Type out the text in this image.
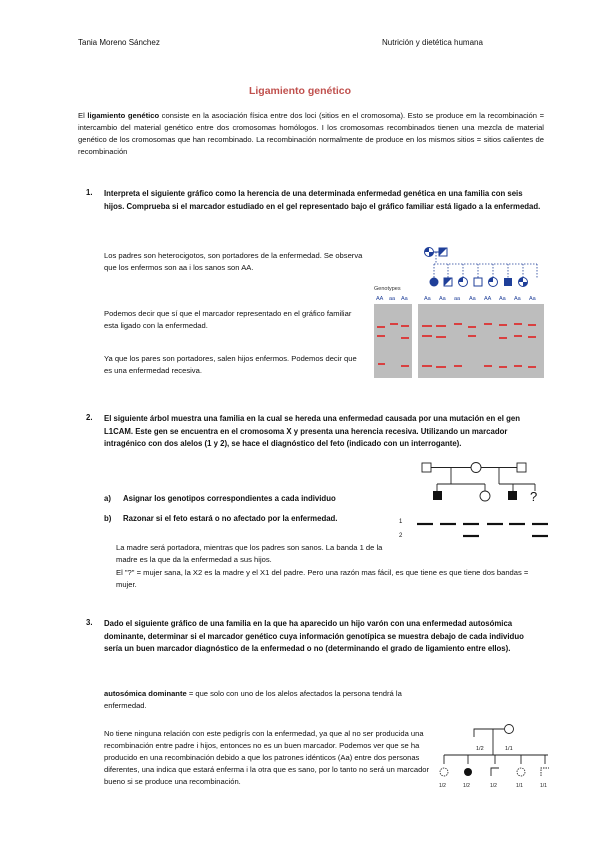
Tania Moreno Sánchez	Nutrición y dietética humana
Ligamiento genético
El ligamiento genético consiste en la asociación física entre dos loci (sitios en el cromosoma). Esto se produce em la recombinación = intercambio del material genético entre dos cromosomas homólogos. I los cromosomas recombinados tienen una mezcla de material genético de los cromosomas que han recombinado. La recombinación normalmente de produce en los mismos sitios = sitios calientes de recombinación
1. Interpreta el siguiente gráfico como la herencia de una determinada enfermedad genética en una familia con seis hijos. Comprueba si el marcador estudiado en el gel representado bajo el gráfico familiar está ligado a la enfermedad.
Los padres son heterocigotos, son portadores de la enfermedad. Se observa que los enfermos son aa i los sanos son AA.
Podemos decir que sí que el marcador representado en el gráfico familiar esta ligado con la enfermedad.
Ya que los pares son portadores, salen hijos enfermos. Podemos decir que es una enfermedad recesiva.
Genotypes
AA aa Aa	Aa Aa aa Aa AA Aa Aa Aa
2. El siguiente árbol muestra una familia en la cual se hereda una enfermedad causada por una mutación en el gen L1CAM. Este gen se encuentra en el cromosoma X y presenta una herencia recesiva. Utilizando un marcador intragénico con dos alelos (1 y 2), se hace el diagnóstico del feto (indicado con un interrogante).
a) Asignar los genotipos correspondientes a cada individuo
b) Razonar si el feto estará o no afectado por la enfermedad.
La madre será portadora, mientras que los padres son sanos. La banda 1 de la madre es la que da la enfermedad a sus hijos.
El "?" = mujer sana, la X2 es la madre y el X1 del padre. Pero una razón mas fácil, es que tiene es que tiene dos bandas = mujer.
?
1
2
3. Dado el siguiente gráfico de una familia en la que ha aparecido un hijo varón con una enfermedad autosómica dominante, determinar si el marcador genético cuya información genotípica se muestra debajo de cada individuo sería un buen marcador diagnóstico de la enfermedad o no (determinando el grado de ligamiento entre ellos).
autosómica dominante = que solo con uno de los alelos afectados la persona tendrá la enfermedad.
No tiene ninguna relación con este pedigrís con la enfermedad, ya que al no ser producida una recombinación entre padre i hijos, entonces no es un buen marcador. Podemos ver que se ha producido en una recombinación debido a que los patrones idénticos (Aa) entre dos personas diferentes, una indica que estará enferma i la otra que es sano, por lo tanto no será un marcador bueno si se produce una recombinación.
1/2	1/1
1/2	1/2	1/2	1/1	1/1
